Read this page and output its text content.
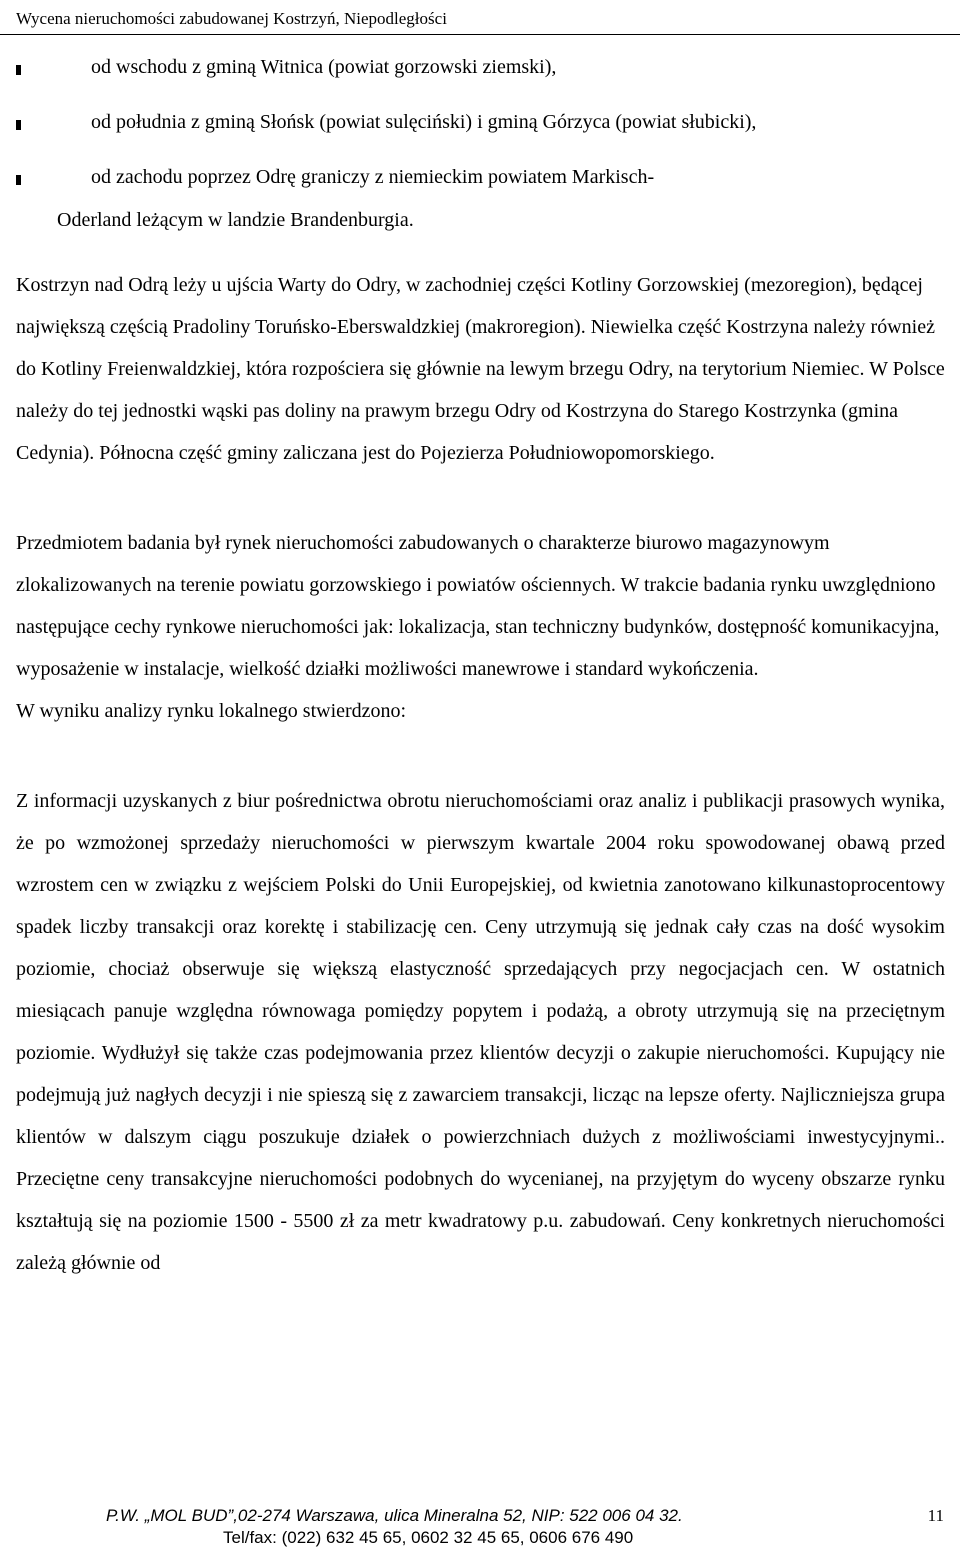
Wycena nieruchomości zabudowanej Kostrzyń, Niepodległości
od wschodu z gminą Witnica (powiat gorzowski ziemski),
od południa z gminą Słońsk (powiat sulęciński) i gminą Górzyca (powiat słubicki),
od zachodu poprzez Odrę graniczy z niemieckim powiatem Markisch-
Oderland leżącym w landzie Brandenburgia.

Kostrzyn nad Odrą leży u ujścia Warty do Odry, w zachodniej części Kotliny Gorzowskiej (mezoregion), będącej największą częścią Pradoliny Toruńsko-Eberswaldzkiej (makroregion). Niewielka część Kostrzyna należy również do Kotliny Freienwaldzkiej, która rozpościera się głównie na lewym brzegu Odry, na terytorium Niemiec. W Polsce należy do tej jednostki wąski pas doliny na prawym brzegu Odry od Kostrzyna do Starego Kostrzynka (gmina Cedynia). Północna część gminy zaliczana jest do Pojezierza Południowopomorskiego.

Przedmiotem badania był rynek nieruchomości zabudowanych o charakterze biurowo magazynowym zlokalizowanych na terenie powiatu gorzowskiego i powiatów ościennych. W trakcie badania rynku uwzględniono następujące cechy rynkowe nieruchomości jak: lokalizacja, stan techniczny budynków, dostępność komunikacyjna, wyposażenie w instalacje, wielkość działki możliwości manewrowe i standard wykończenia.

W wyniku analizy rynku lokalnego stwierdzono:

Z informacji uzyskanych z biur pośrednictwa obrotu nieruchomościami oraz analiz i publikacji prasowych wynika, że po wzmożonej sprzedaży nieruchomości w pierwszym kwartale 2004 roku spowodowanej obawą przed wzrostem cen w związku z wejściem Polski do Unii Europejskiej, od kwietnia zanotowano kilkunastoprocentowy spadek liczby transakcji oraz korektę i stabilizację cen. Ceny utrzymują się jednak cały czas na dość wysokim poziomie, chociaż obserwuje się większą elastyczność sprzedających przy negocjacjach cen. W ostatnich miesiącach panuje względna równowaga pomiędzy popytem i podażą, a obroty utrzymują się na przeciętnym poziomie. Wydłużył się także czas podejmowania przez klientów decyzji o zakupie nieruchomości. Kupujący nie podejmują już nagłych decyzji i nie spieszą się z zawarciem transakcji, licząc na lepsze oferty. Najliczniejsza grupa klientów w dalszym ciągu poszukuje działek o powierzchniach dużych z możliwościami inwestycyjnymi.. Przeciętne ceny transakcyjne nieruchomości podobnych do wycenianej, na przyjętym do wyceny obszarze rynku kształtują się na poziomie 1500 - 5500 zł za metr kwadratowy p.u. zabudowań. Ceny konkretnych nieruchomości zależą głównie od

P.W. „MOL BUD”,02-274 Warszawa, ulica Mineralna 52, NIP: 522 006 04 32.
Tel/fax: (022) 632 45 65, 0602 32 45 65, 0606 676 490
11
